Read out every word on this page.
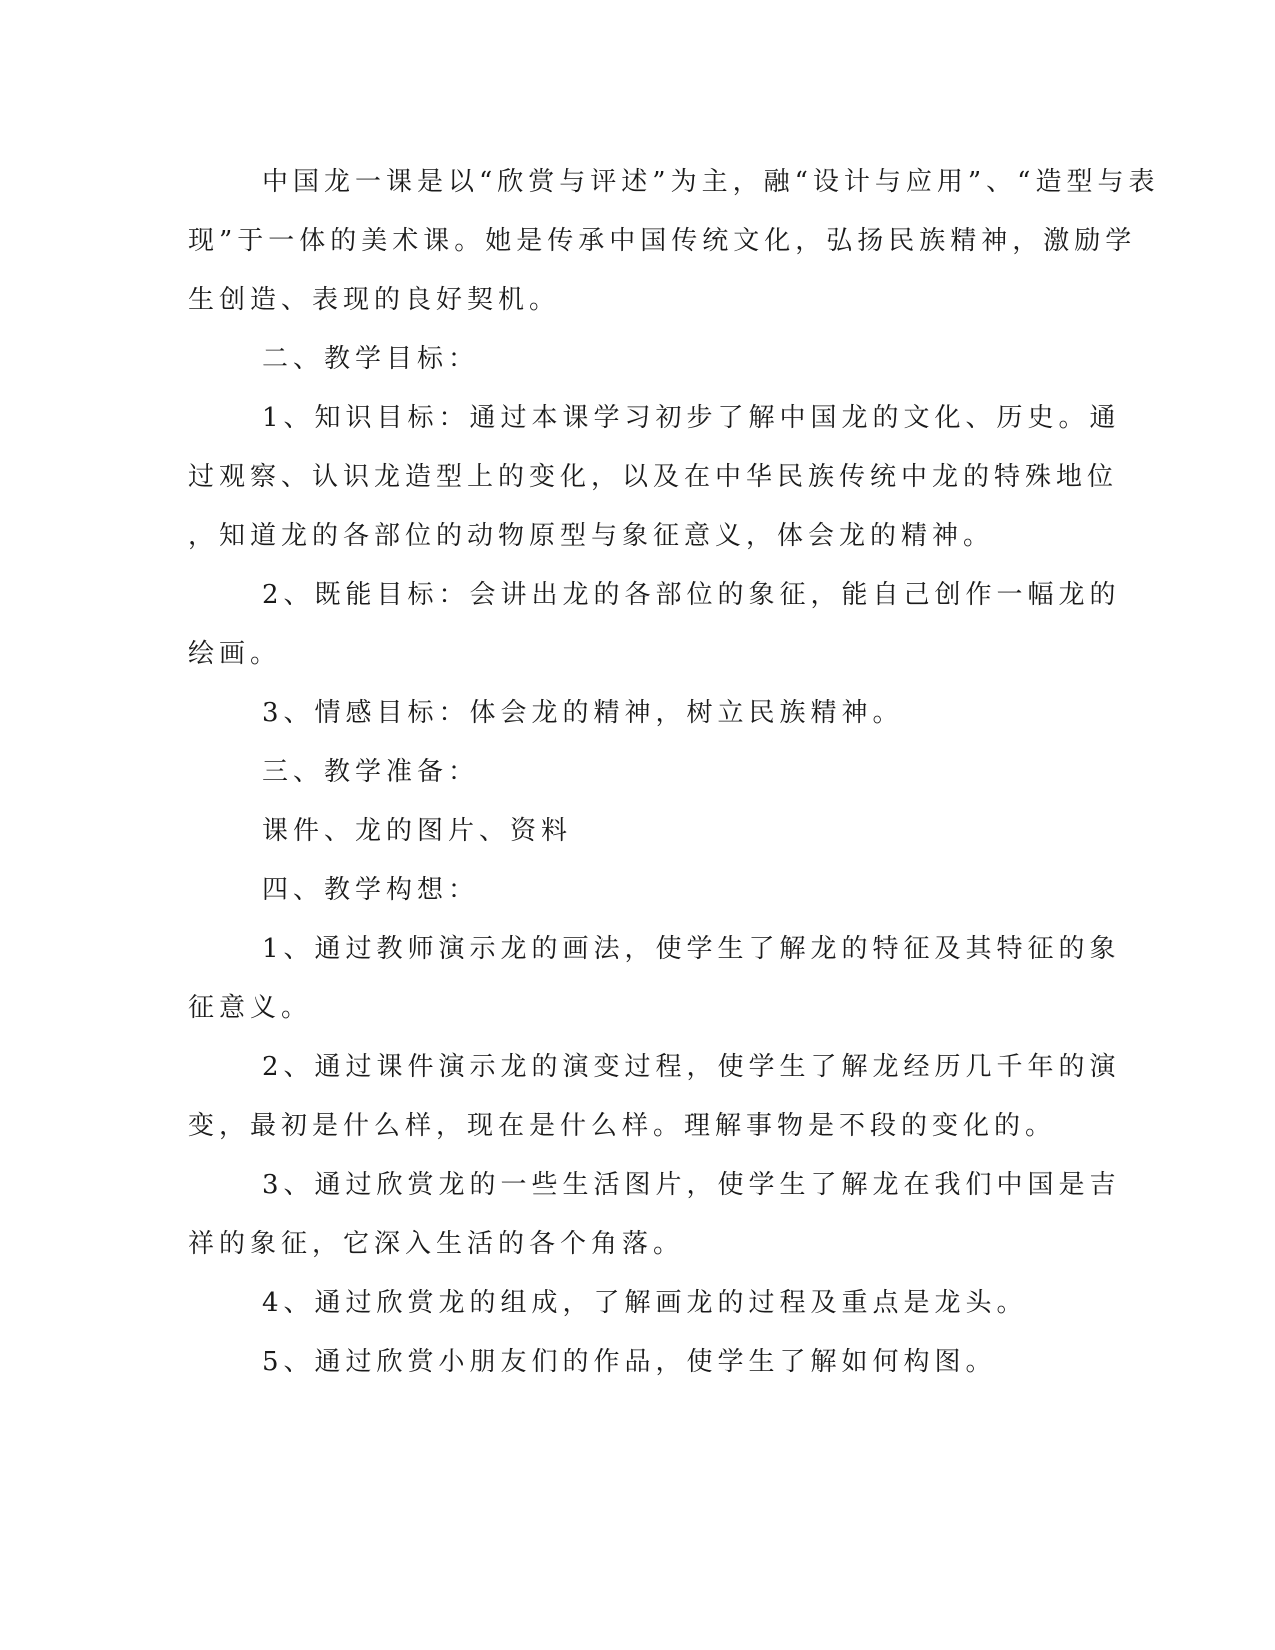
中国龙一课是以“欣赏与评述”为主，融“设计与应用”、“造型与表
现”于一体的美术课。她是传承中国传统文化，弘扬民族精神，激励学
生创造、表现的良好契机。
二、教学目标：
1、知识目标：通过本课学习初步了解中国龙的文化、历史。通
过观察、认识龙造型上的变化，以及在中华民族传统中龙的特殊地位
，知道龙的各部位的动物原型与象征意义，体会龙的精神。
2、既能目标：会讲出龙的各部位的象征，能自己创作一幅龙的
绘画。
3、情感目标：体会龙的精神，树立民族精神。
三、教学准备：
课件、龙的图片、资料
四、教学构想：
1、通过教师演示龙的画法，使学生了解龙的特征及其特征的象
征意义。
2、通过课件演示龙的演变过程，使学生了解龙经历几千年的演
变，最初是什么样，现在是什么样。理解事物是不段的变化的。
3、通过欣赏龙的一些生活图片，使学生了解龙在我们中国是吉
祥的象征，它深入生活的各个角落。
4、通过欣赏龙的组成，了解画龙的过程及重点是龙头。
5、通过欣赏小朋友们的作品，使学生了解如何构图。
